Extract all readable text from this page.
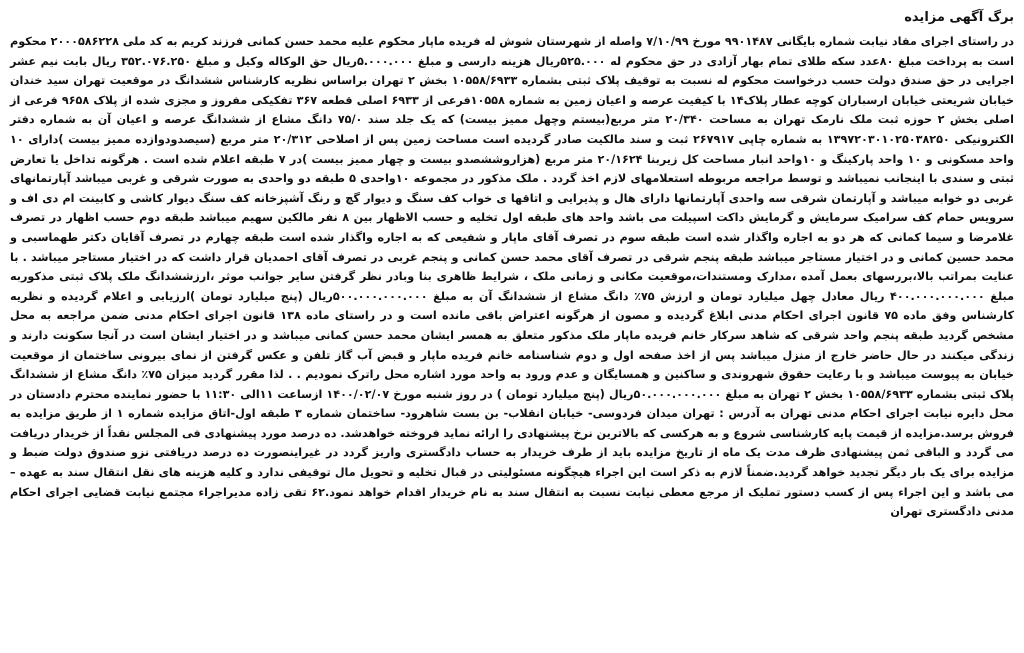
برگ آگهی مزایده

در راستای اجرای مفاد نیابت شماره بایگانی ۹۹۰۱۴۸۷ مورخ ۷/۱۰/۹۹ واصله از شهرستان شوش له فریده ماپار محکوم علیه محمد حسن کمانی فرزند کریم به کد ملی ۲۰۰۰۵۸۶۲۲۸ محکوم است به پرداخت مبلغ ۸۰عدد سکه طلای تمام بهار آزادی در حق محکوم له ۵۲۵.۰۰۰ریال هزینه دارسی و مبلغ ۵.۰۰۰.۰۰۰ریال حق الوکاله وکیل و مبلغ ۳۵۲.۰۷۶.۲۵۰ ریال بابت نیم عشر اجرایی در حق صندق دولت حسب درخواست محکوم له نسبت به توقیف پلاک ثبتی بشماره ۱۰۵۵۸/۶۹۳۳ بخش ۲ تهران براساس نظریه کارشناس ششدانگ در موقعیت تهران سید خندان خیابان شریعتی خیابان ارسباران کوچه عطار پلاک۱۴ با کیفیت عرصه و اعیان زمین به شماره ۱۰۵۵۸فرعی از ۶۹۳۳ اصلی قطعه ۳۶۷ تفکیکی مفروز و مجزی شده از پلاک ۹۶۵۸ فرعی از اصلی بخش ۲ حوزه ثبت ملک نارمک تهران به مساحت ۲۰/۳۴۰ متر مربع(بیستم وچهل ممیز بیست) که یک جلد سند ۷۵/۰ دانگ مشاع از ششدانگ عرصه و اعیان آن به شماره دفتر الکترونیکی ۱۳۹۷۲۰۳۰۱۰۲۵۰۳۸۲۵۰ به شماره چاپی ۲۶۷۹۱۷ ثبت و سند مالکیت صادر گردیده است مساحت زمین پس از اصلاحی ۲۰/۳۱۲ متر مربع (سیصدودوازده ممیز بیست )دارای ۱۰ واحد مسکونی و ۱۰ واحد پارکینگ و ۱۰واحد انبار مساحت کل زیربنا ۲۰/۱۶۲۴ متر مربع (هزاروششصدو بیست و چهار ممیز بیست )در ۷ طبقه اعلام شده است . هرگونه تداخل یا تعارض ثبتی و سندی با اینجانب نمیباشد و توسط مراجعه مربوطه استعلامهای لازم اخذ گردد . ملک مذکور در مجموعه ۱۰واحدی ۵ طبقه دو واحدی به صورت شرقی و غربی میباشد آپارتمانهای غربی دو خوابه میباشد و آپارتمان شرقی سه واحدی آپارتمانها دارای هال و پذیرایی و اتاقها ی خواب کف سنگ و دیوار گچ و رنگ آشپزخانه کف سنگ دیوار کاشی و کابینت ام دی اف و سرویس حمام کف سرامیک سرمایش و گرمایش داکت اسپیلت می باشد واحد های طبقه اول تخلیه و حسب الاظهار بین ۸ نفر مالکین سهیم میباشد طبقه دوم حسب اظهار در تصرف غلامرضا و سیما کمانی که هر دو به اجاره واگذار شده است طبقه سوم در تصرف آقای ماپار و شفیعی که به اجاره واگذار شده است طبقه چهارم در تصرف آقایان دکتر طهماسبی و محمد حسین کمانی و در اختیار مستاجر میباشد طبقه پنجم شرقی در تصرف آقای محمد حسن کمانی و پنجم غربی در تصرف آقای احمدیان قرار داشت که در اختیار مستاجر میباشد . با عنایت بمراتب بالا،بررسهای بعمل آمده ،مدارک ومستندات،موقعیت مکانی و زمانی ملک ، شرایط ظاهری بنا وبادر نظر گرفتن سایر جوانب موثر ،ارزششدانگ ملک پلاک ثبتی مذکوربه مبلغ ۴۰۰.۰۰۰.۰۰۰.۰۰۰ ریال معادل چهل میلیارد تومان و ارزش ۷۵٪ دانگ مشاع از ششدانگ آن به مبلغ ۵۰۰.۰۰۰.۰۰۰.۰۰۰ریال (پنج میلیارد تومان )ارزیابی و اعلام گردیده و نظریه کارشناس وفق ماده ۷۵ قانون اجرای احکام مدنی ابلاغ گردیده و مصون از هرگونه اعتراض باقی مانده است و در راستای ماده ۱۳۸ قانون اجرای احکام مدنی ضمن مراجعه به محل مشخص گردید طبقه پنجم واحد شرقی که شاهد سرکار خانم فریده ماپار ملک مذکور متعلق به همسر ایشان محمد حسن کمانی میباشد و در اختیار ایشان است در آنجا سکونت دارند و زندگی میکنند در حال حاضر خارج از منزل میباشد پس از اخذ صفحه اول و دوم شناسنامه خانم فریده ماپار و قبض آب گاز تلفن و عکس گرفتن از نمای بیرونی ساختمان از موقعیت خیابان به پیوست میباشد و با رعایت حقوق شهروندی و ساکنین و همسایگان و عدم ورود به واحد مورد اشاره محل راترک نمودیم . . لذا مقرر گردید میزان ۷۵٪ دانگ مشاع از ششدانگ پلاک ثبتی بشماره ۱۰۵۵۸/۶۹۳۳ بخش ۲ تهران به مبلغ ۵۰.۰۰۰.۰۰۰.۰۰۰ریال (پنج میلیارد تومان ) در روز شنبه مورخ ۱۴۰۰/۰۲/۰۷ ازساعت ۱۱الی ۱۱:۳۰ با حضور نماینده محترم دادستان در محل دایره نیابت اجرای احکام مدنی تهران به آدرس : تهران میدان فردوسی- خیابان انقلاب- بن بست شاهرود- ساختمان شماره ۳ طبقه اول-اتاق مزایده شماره ۱ از طریق مزایده به فروش برسد.مزایده از قیمت پایه کارشناسی شروع و به هرکسی که بالاترین نرخ پیشنهادی را ارائه نماید فروخته خواهدشد. ده درصد مورد پیشنهادی فی المجلس نقداً از خریدار دریافت می گردد و الباقی ثمن پیشنهادی ظرف مدت یک ماه از تاریخ مزایده باید از طرف خریدار به حساب دادگستری واریز گردد در غیراینصورت ده درصد دریافتی نزو صندوق دولت ضبط و مزایده برای یک بار دیگر تجدید خواهد گردید.ضمناً لازم به ذکر است این اجراء هیچگونه مسئولیتی در قبال تخلیه و تحویل مال توقیفی ندارد و کلیه هزینه های نقل انتقال سند به عهده – می باشد و این اجراء پس از کسب دستور تملیک از مرجع معطی نیابت نسبت به انتقال سند به نام خریدار اقدام خواهد نمود.۶۲ تقی زاده مدیراجراء مجتمع نیابت قضایی اجرای احکام مدنی دادگستری تهران
